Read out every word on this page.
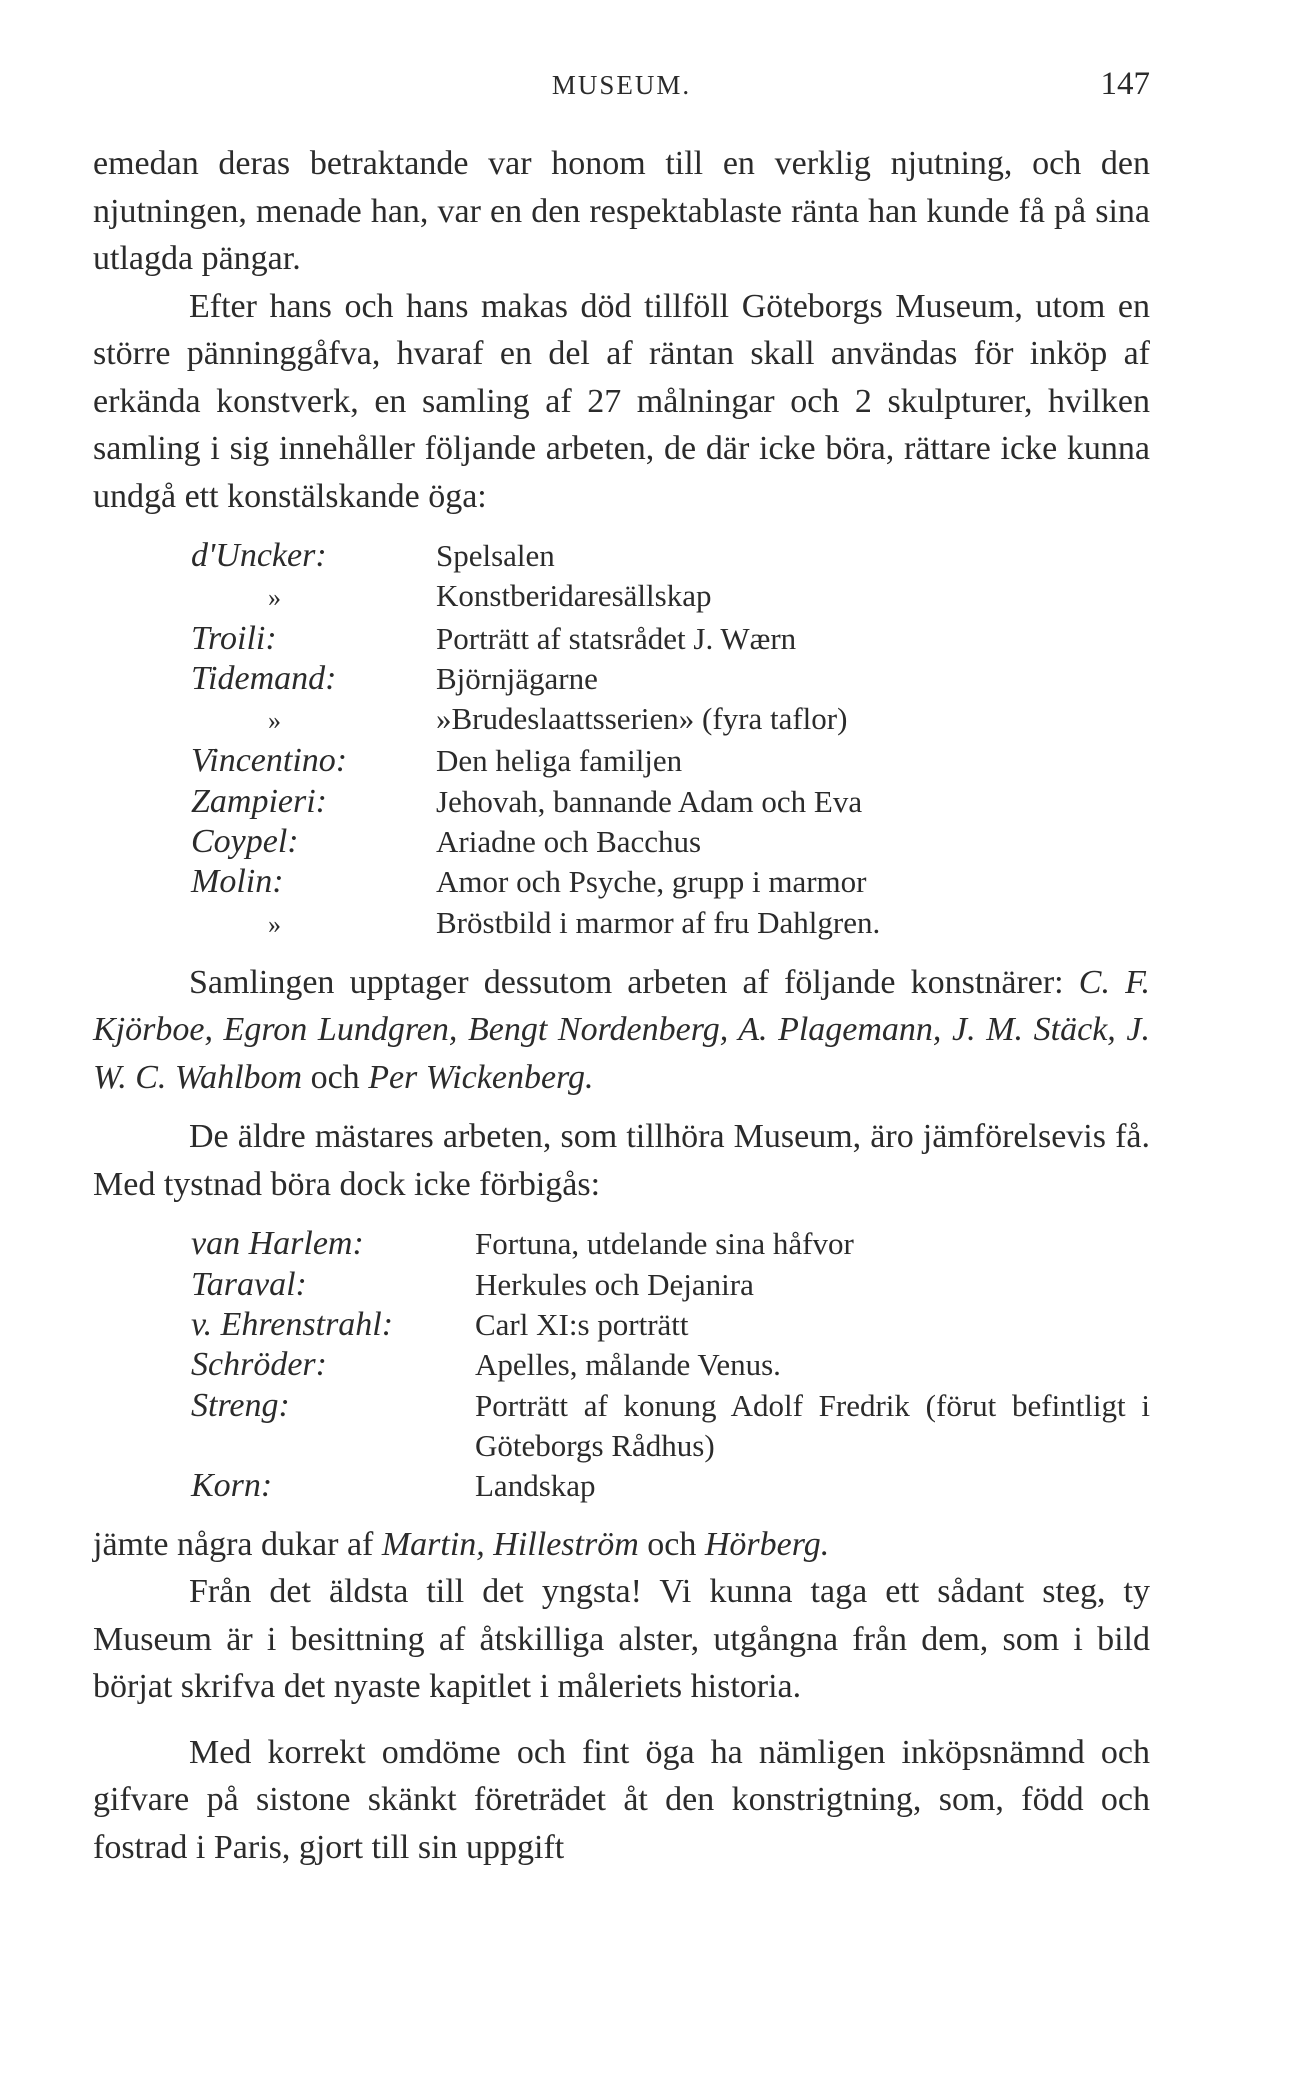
MUSEUM.	147

emedan deras betraktande var honom till en verklig njutning, och den njutningen, menade han, var en den respektablaste ränta han kunde få på sina utlagda pängar.

Efter hans och hans makas död tillföll Göteborgs Museum, utom en större pänninggåfva, hvaraf en del af räntan skall användas för inköp af erkända konstverk, en samling af 27 målningar och 2 skulpturer, hvilken samling i sig innehåller följande arbeten, de där icke böra, rättare icke kunna undgå ett konstälskande öga:

d'Uncker:	Spelsalen
»	Konstberidaresällskap
Troili:	Porträtt af statsrådet J. Wærn
Tidemand:	Björnjägarne
»	»Brudeslaattsserien» (fyra taflor)
Vincentino:	Den heliga familjen
Zampieri:	Jehovah, bannande Adam och Eva
Coypel:	Ariadne och Bacchus
Molin:	Amor och Psyche, grupp i marmor
»	Bröstbild i marmor af fru Dahlgren.

Samlingen upptager dessutom arbeten af följande konstnärer: C. F. Kjörboe, Egron Lundgren, Bengt Nordenberg, A. Plagemann, J. M. Stäck, J. W. C. Wahlbom och Per Wickenberg.

De äldre mästares arbeten, som tillhöra Museum, äro jämförelsevis få. Med tystnad böra dock icke förbigås:

van Harlem:	Fortuna, utdelande sina håfvor
Taraval:	Herkules och Dejanira
v. Ehrenstrahl:	Carl XI:s porträtt
Schröder:	Apelles, målande Venus.
Streng:	Porträtt af konung Adolf Fredrik (förut befintligt i Göteborgs Rådhus)
Korn:	Landskap

jämte några dukar af Martin, Hilleström och Hörberg.

Från det äldsta till det yngsta! Vi kunna taga ett sådant steg, ty Museum är i besittning af åtskilliga alster, utgångna från dem, som i bild börjat skrifva det nyaste kapitlet i måleriets historia.

Med korrekt omdöme och fint öga ha nämligen inköpsnämnd och gifvare på sistone skänkt företrädet åt den konstrigtning, som, född och fostrad i Paris, gjort till sin uppgift
